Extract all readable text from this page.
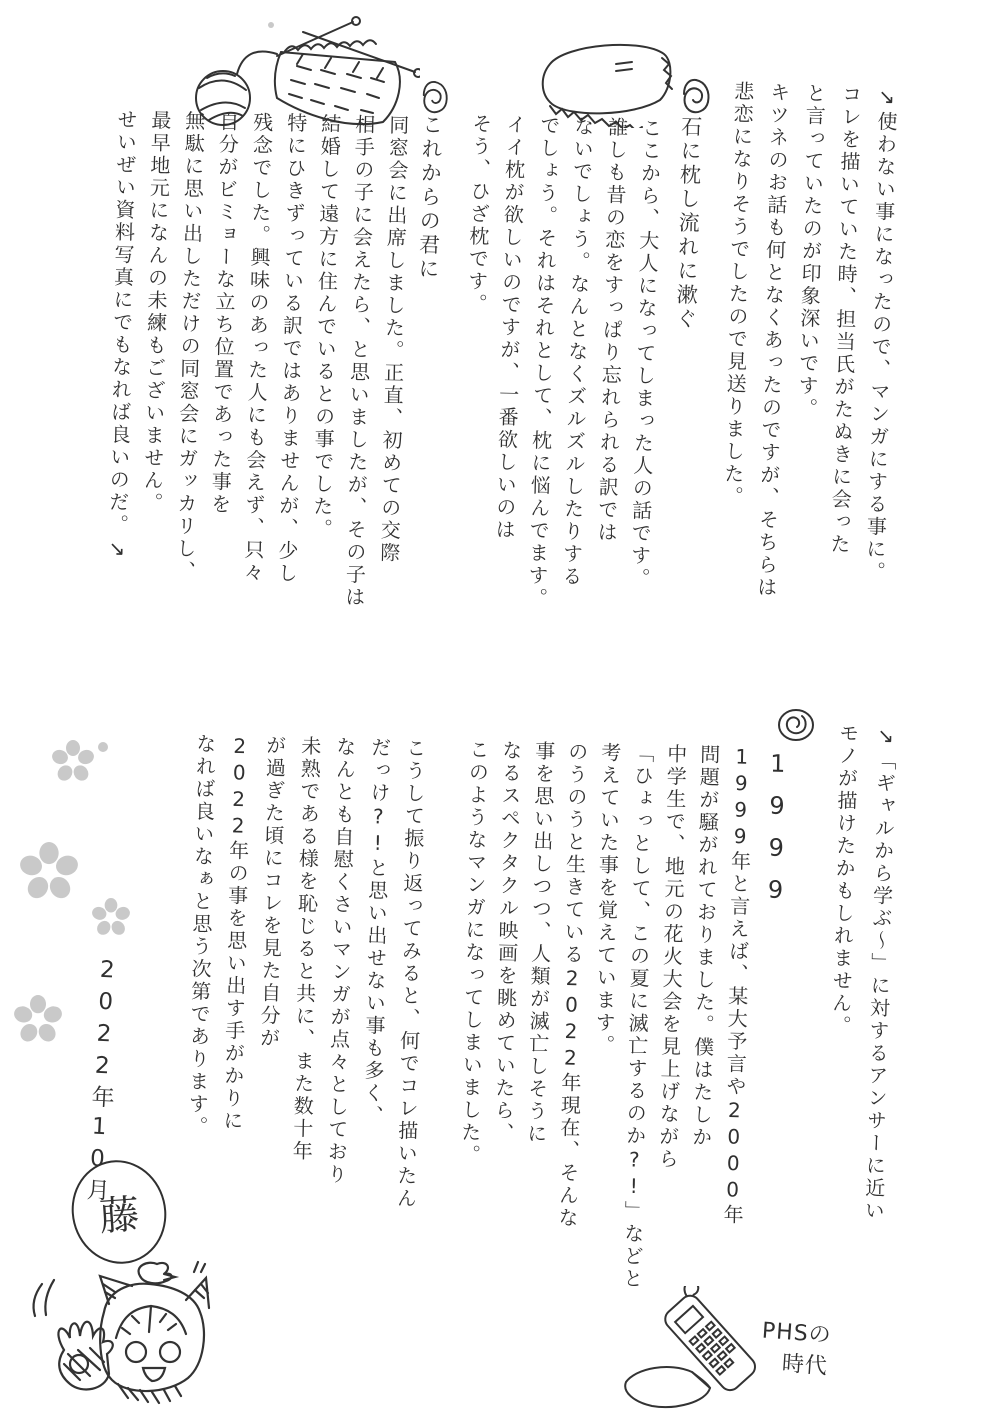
↘使わない事になったので、マンガにする事に。
コレを描いていた時、担当氏がたぬきに会った
と言っていたのが印象深いです。
キツネのお話も何となくあったのですが、そちらは
悲恋になりそうでしたので見送りました。
石に枕し流れに漱ぐ
ここから、大人になってしまった人の話です。
誰しも昔の恋をすっぱり忘れられる訳では
ないでしょう。なんとなくズルズルしたりする
でしょう。それはそれとして、枕に悩んでます。
イイ枕が欲しいのですが、一番欲しいのは
そう、ひざ枕です。
これからの君に
同窓会に出席しました。正直、初めての交際
相手の子に会えたら、と思いましたが、その子は
結婚して遠方に住んでいるとの事でした。
特にひきずっている訳ではありませんが、少し
残念でした。興味のあった人にも会えず、只々
自分がビミョーな立ち位置であった事を
無駄に思い出しただけの同窓会にガッカリし、
最早地元になんの未練もございません。
せいぜい資料写真にでもなれば良いのだ。↘
↘「ギャルから学ぶ〜」に対するアンサーに近い
モノが描けたかもしれません。
1999
1999年と言えば、某大予言や2000年
問題が騒がれておりました。僕はたしか
中学生で、地元の花火大会を見上げながら
「ひょっとして、この夏に滅亡するのか?!」などと
考えていた事を覚えています。
のうのうと生きている2022年現在、そんな
事を思い出しつつ、人類が滅亡しそうに
なるスペクタクル映画を眺めていたら、
このようなマンガになってしまいました。
こうして振り返ってみると、何でコレ描いたん
だっけ?!と思い出せない事も多く、
なんとも自慰くさいマンガが点々としており
未熟である様を恥じると共に、また数十年
が過ぎた頃にコレを見た自分が
2022年の事を思い出す手がかりに
なれば良いなぁと思う次第であります。
2022年10月
藤
PHSの
時代
